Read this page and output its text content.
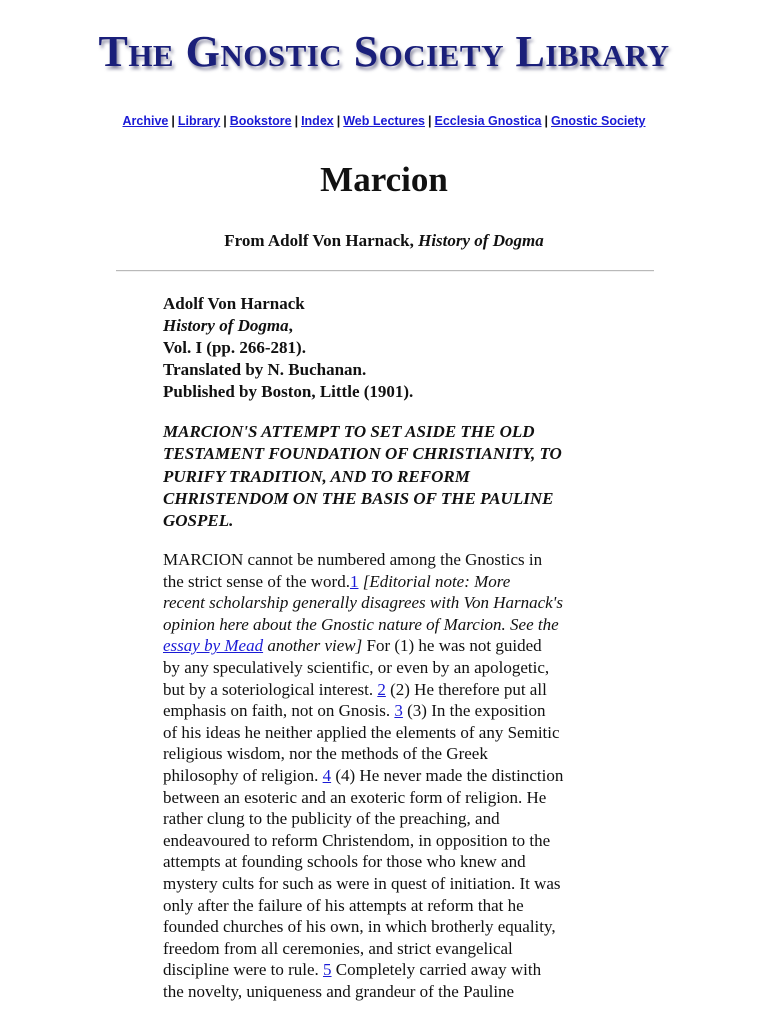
The Gnostic Society Library
Archive | Library | Bookstore | Index | Web Lectures | Ecclesia Gnostica | Gnostic Society
Marcion
From Adolf Von Harnack, History of Dogma
Adolf Von Harnack
History of Dogma,
Vol. I (pp. 266-281).
Translated by N. Buchanan.
Published by Boston, Little (1901).
MARCION'S ATTEMPT TO SET ASIDE THE OLD
TESTAMENT FOUNDATION OF CHRISTIANITY, TO
PURIFY TRADITION, AND TO REFORM
CHRISTENDOM ON THE BASIS OF THE PAULINE
GOSPEL.
MARCION cannot be numbered among the Gnostics in
the strict sense of the word.1 [Editorial note: More
recent scholarship generally disagrees with Von Harnack's
opinion here about the Gnostic nature of Marcion. See the
essay by Mead another view] For (1) he was not guided
by any speculatively scientific, or even by an apologetic,
but by a soteriological interest. 2 (2) He therefore put all
emphasis on faith, not on Gnosis. 3 (3) In the exposition
of his ideas he neither applied the elements of any Semitic
religious wisdom, nor the methods of the Greek
philosophy of religion. 4 (4) He never made the distinction
between an esoteric and an exoteric form of religion. He
rather clung to the publicity of the preaching, and
endeavoured to reform Christendom, in opposition to the
attempts at founding schools for those who knew and
mystery cults for such as were in quest of initiation. It was
only after the failure of his attempts at reform that he
founded churches of his own, in which brotherly equality,
freedom from all ceremonies, and strict evangelical
discipline were to rule. 5 Completely carried away with
the novelty, uniqueness and grandeur of the Pauline
